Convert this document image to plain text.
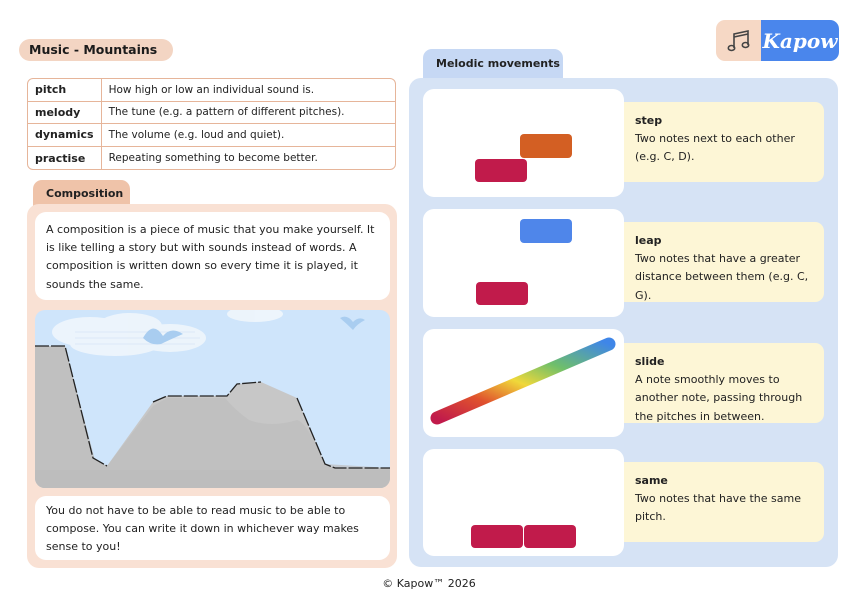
Music - Mountains	Kapow
pitch	How high or low an individual sound is.
melody	The tune (e.g. a pattern of different pitches).
dynamics	The volume (e.g. loud and quiet).
practise	Repeating something to become better.
Composition
A composition is a piece of music that you make yourself. It is like telling a story but with sounds instead of words. A composition is written down so every time it is played, it sounds the same.
You do not have to be able to read music to be able to compose. You can write it down in whichever way makes sense to you!
Melodic movements
step
Two notes next to each other (e.g. C, D).
leap
Two notes that have a greater distance between them (e.g. C, G).
slide
A note smoothly moves to another note, passing through the pitches in between.
same
Two notes that have the same pitch.
© Kapow™ 2026
